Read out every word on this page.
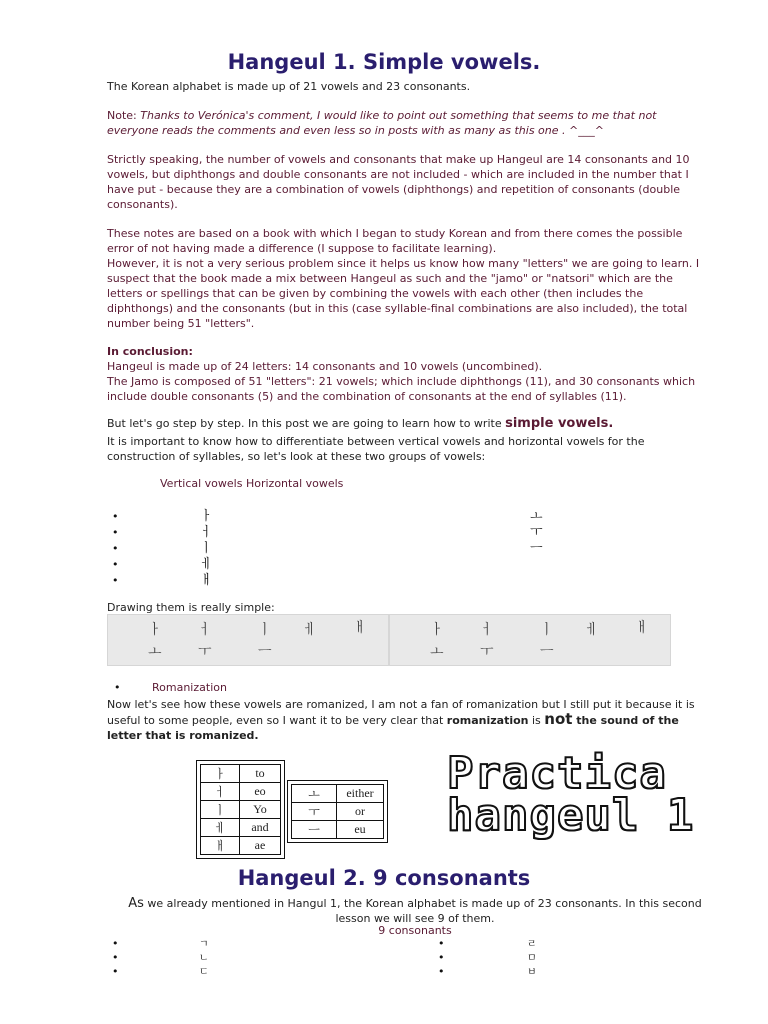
Hangeul 1. Simple vowels.
The Korean alphabet is made up of 21 vowels and 23 consonants.
Note: Thanks to Verónica's comment, I would like to point out something that seems to me that not everyone reads the comments and even less so in posts with as many as this one . ^___^
Strictly speaking, the number of vowels and consonants that make up Hangeul are 14 consonants and 10 vowels, but diphthongs and double consonants are not included - which are included in the number that I have put - because they are a combination of vowels (diphthongs) and repetition of consonants (double consonants).
These notes are based on a book with which I began to study Korean and from there comes the possible error of not having made a difference (I suppose to facilitate learning).
However, it is not a very serious problem since it helps us know how many "letters" we are going to learn. I suspect that the book made a mix between Hangeul as such and the "jamo" or "natsori" which are the letters or spellings that can be given by combining the vowels with each other (then includes the diphthongs) and the consonants (but in this (case syllable-final combinations are also included), the total number being 51 "letters".
In conclusion:
Hangeul is made up of 24 letters: 14 consonants and 10 vowels (uncombined).
The Jamo is composed of 51 "letters": 21 vowels; which include diphthongs (11), and 30 consonants which include double consonants (5) and the combination of consonants at the end of syllables (11).
But let's go step by step. In this post we are going to learn how to write simple vowels.
It is important to know how to differentiate between vertical vowels and horizontal vowels for the construction of syllables, so let's look at these two groups of vowels:
Vertical vowels Horizontal vowels
•
•
•
•
•
ㅏ
ㅓ
ㅣ
ㅔ
ㅐ
ㅗ
ㅜ
ㅡ
Drawing them is really simple:
ㅏ	ㅓ	ㅣ ㅔ	ㅐ
ㅗ	ㅜ	ㅡ
ㅏ	ㅓ	ㅣ ㅔ	ㅐ
ㅗ	ㅜ	ㅡ
•	Romanization
Now let's see how these vowels are romanized, I am not a fan of romanization but I still put it because it is useful to some people, even so I want it to be very clear that romanization is not the sound of the letter that is romanized.
ㅏ	to
ㅓ	eo
ㅣ	Yo
ㅔ	and
ㅐ	ae
ㅗ	either
ㅜ	or
ㅡ	eu
Practica
hangeul 1
Hangeul 2. 9 consonants
As we already mentioned in Hangul 1, the Korean alphabet is made up of 23 consonants. In this second lesson we will see 9 of them.
9 consonants
•
•
•
ㄱ
ㄴ
ㄷ
•
•
•
ㄹ
ㅁ
ㅂ
